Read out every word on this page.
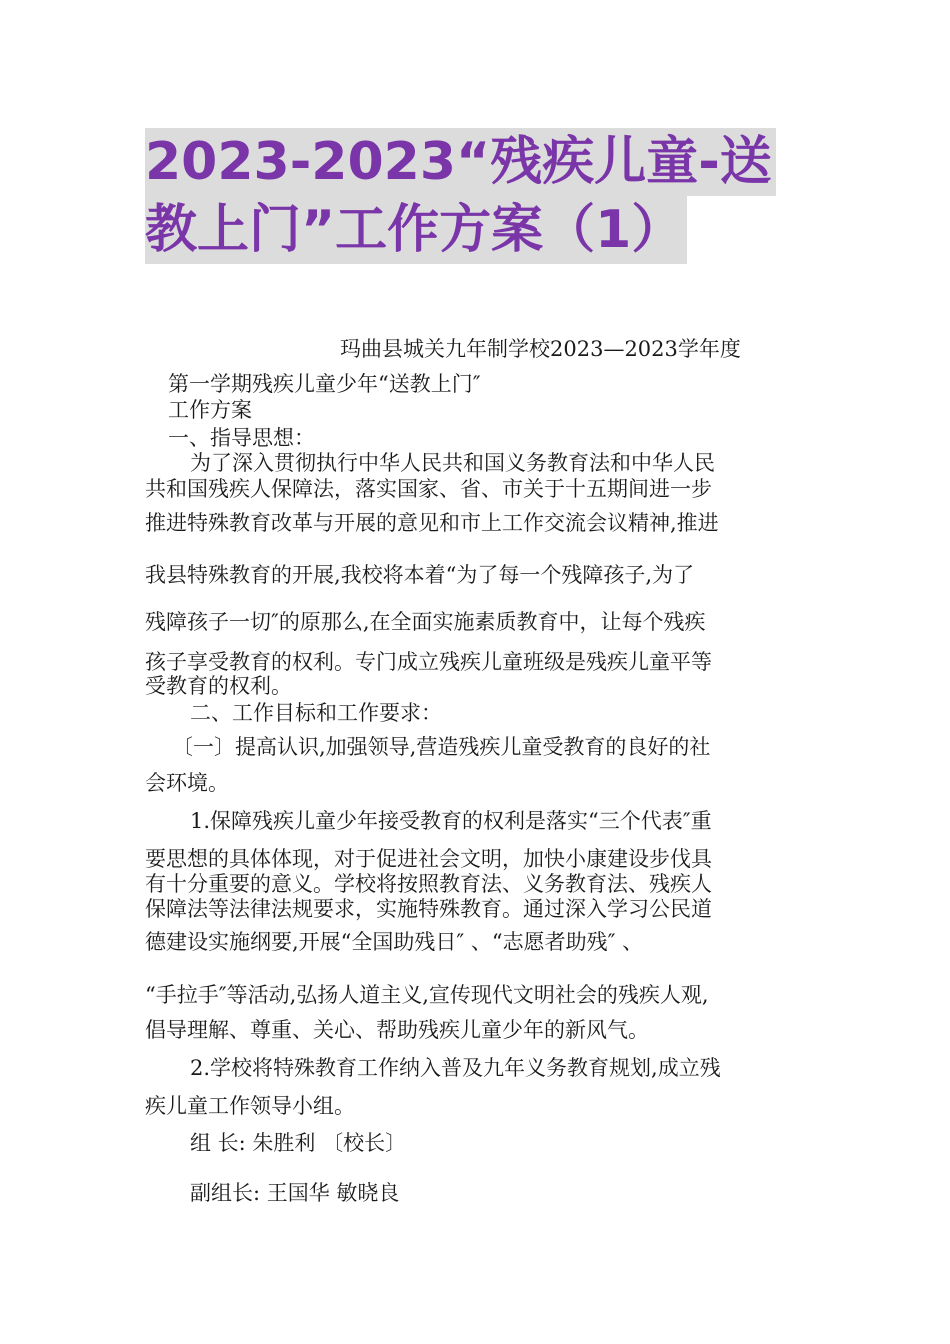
2023-2023“残疾儿童-送
教上门”工作方案（1）
玛曲县城关九年制学校2023—2023学年度
第一学期残疾儿童少年“送教上门″
工作方案
一、指导思想：
为了深入贯彻执行中华人民共和国义务教育法和中华人民
共和国残疾人保障法，落实国家、省、市关于十五期间进一步
推进特殊教育改革与开展的意见和市上工作交流会议精神,推进
我县特殊教育的开展,我校将本着“为了每一个残障孩子,为了
残障孩子一切″的原那么,在全面实施素质教育中，让每个残疾
孩子享受教育的权利。专门成立残疾儿童班级是残疾儿童平等
受教育的权利。
二、工作目标和工作要求：
〔一〕提高认识,加强领导,营造残疾儿童受教育的良好的社
会环境。
1.保障残疾儿童少年接受教育的权利是落实“三个代表″重
要思想的具体体现，对于促进社会文明，加快小康建设步伐具
有十分重要的意义。学校将按照教育法、义务教育法、残疾人
保障法等法律法规要求，实施特殊教育。通过深入学习公民道
德建设实施纲要,开展“全国助残日″ 、“志愿者助残″ 、
“手拉手″等活动,弘扬人道主义,宣传现代文明社会的残疾人观,
倡导理解、尊重、关心、帮助残疾儿童少年的新风气。
2.学校将特殊教育工作纳入普及九年义务教育规划,成立残
疾儿童工作领导小组。
组 长: 朱胜利 〔校长〕
副组长: 王国华 敏晓良
